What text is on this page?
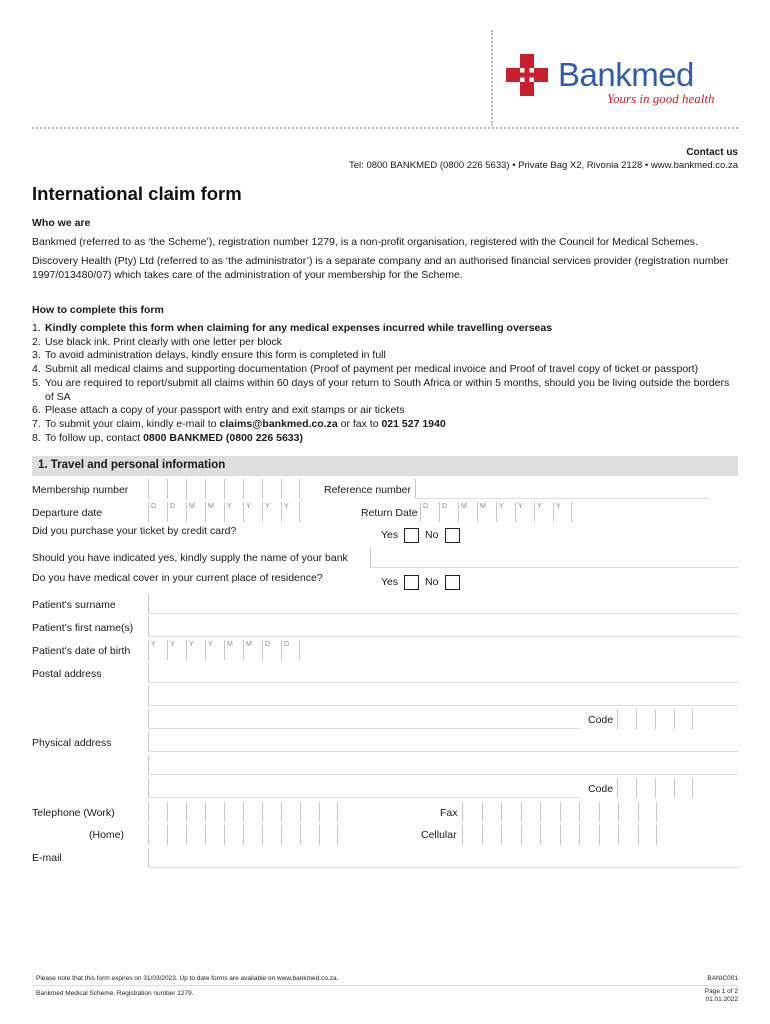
Bankmed
Yours in good health
Contact us
Tel: 0800 BANKMED (0800 226 5633) • Private Bag X2, Rivonia 2128 • www.bankmed.co.za
International claim form
Who we are

Bankmed (referred to as ‘the Scheme’), registration number 1279, is a non-profit organisation, registered with the Council for Medical Schemes.

Discovery Health (Pty) Ltd (referred to as ‘the administrator’) is a separate company and an authorised financial services provider (registration number 1997/013480/07) which takes care of the administration of your membership for the Scheme.

How to complete this form
1. Kindly complete this form when claiming for any medical expenses incurred while travelling overseas
2. Use black ink. Print clearly with one letter per block
3. To avoid administration delays, kindly ensure this form is completed in full
4. Submit all medical claims and supporting documentation (Proof of payment per medical invoice and Proof of travel copy of ticket or passport)
5. You are required to report/submit all claims within 60 days of your return to South Africa or within 5 months, should you be living outside the borders of SA
6. Please attach a copy of your passport with entry and exit stamps or air tickets
7. To submit your claim, kindly e-mail to claims@bankmed.co.za or fax to 021 527 1940
8. To follow up, contact 0800 BANKMED (0800 226 5633)
1. Travel and personal information
Membership number	Reference number
Departure date
D	D	M	M	Y	Y	Y	Y
Return Date
D	D	M	M	Y	Y	Y	Y
Did you purchase your ticket by credit card?	Yes	No
Should you have indicated yes, kindly supply the name of your bank
Do you have medical cover in your current place of residence?	Yes	No
Patient's surname
Patient's first name(s)
Patient's date of birth
Y	Y	Y	Y	M	M	D	D
Postal address
Code
Physical address
Code
Telephone (Work)	Fax
(Home)	Cellular
E-mail
Please note that this form expires on 31/03/2023. Up to date forms are available on www.bankmed.co.za.	BANIC001
Bankmed Medical Scheme. Registration number 1279.	Page 1 of 2
01.01.2022
